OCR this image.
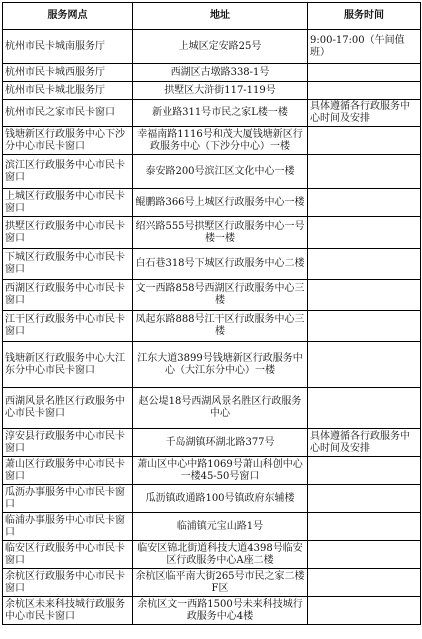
服务网点	地址	服务时间
杭州市民卡城南服务厅	上城区定安路25号	9:00-17:00（午间值班）
杭州市民卡城西服务厅	西湖区古墩路338-1号	
杭州市民卡城北服务厅	拱墅区大浒街117-119号	
杭州市民之家市民卡窗口	新业路311号市民之家L楼一楼	具体遵循各行政服务中心时间及安排
钱塘新区行政服务中心下沙分中心市民卡窗口	幸福南路1116号和茂大厦钱塘新区行政服务中心（下沙分中心）一楼	
滨江区行政服务中心市民卡窗口	泰安路200号滨江区文化中心一楼	
上城区行政服务中心市民卡窗口	鲲鹏路366号上城区行政服务中心一楼	
拱墅区行政服务中心市民卡窗口	绍兴路555号拱墅区行政服务中心一号楼一楼	
下城区行政服务中心市民卡窗口	白石巷318号下城区行政服务中心二楼	
西湖区行政服务中心市民卡窗口	文一西路858号西湖区行政服务中心三楼	
江干区行政服务中心市民卡窗口	凤起东路888号江干区行政服务中心三楼	
钱塘新区行政服务中心大江东分中心市民卡窗口	江东大道3899号钱塘新区行政服务中心（大江东分中心）一楼	
西湖风景名胜区行政服务中心市民卡窗口	赵公堤18号西湖风景名胜区行政服务中心	
淳安县行政服务中心市民卡窗口	千岛湖镇环湖北路377号	具体遵循各行政服务中心时间及安排
萧山区行政服务中心市民卡窗口	萧山区中心中路1069号萧山科创中心一楼45-50号窗口	
瓜沥办事服务中心市民卡窗口	瓜沥镇政通路100号镇政府东辅楼	
临浦办事服务中心市民卡窗口	临浦镇元宝山路1号	
临安区行政服务中心市民卡窗口	临安区锦北街道科技大道4398号临安区行政服务中心A座二楼	
余杭区行政服务中心市民卡窗口	余杭区临平南大街265号市民之家二楼F区	
余杭区未来科技城行政服务中心市民卡窗口	余杭区文一西路1500号未来科技城行政服务中心4楼	
